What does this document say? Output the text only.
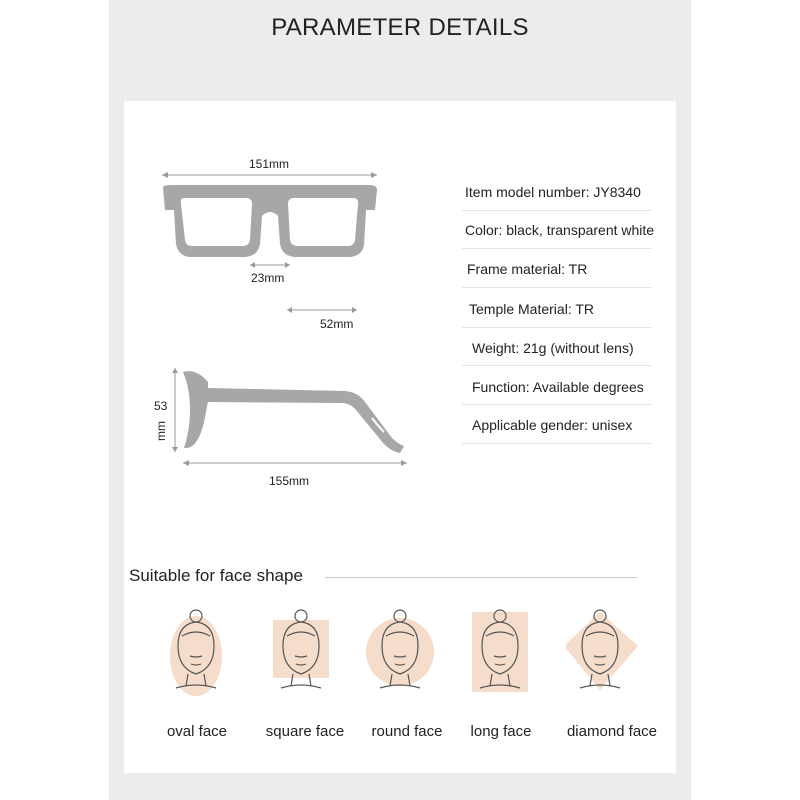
PARAMETER DETAILS
151mm
23mm
52mm
53
mm
155mm
Item model number: JY8340
Color: black, transparent white
Frame material: TR
Temple Material: TR
Weight: 21g (without lens)
Function: Available degrees
Applicable gender: unisex
Suitable for face shape
oval face	square face	round face	long face	diamond face
